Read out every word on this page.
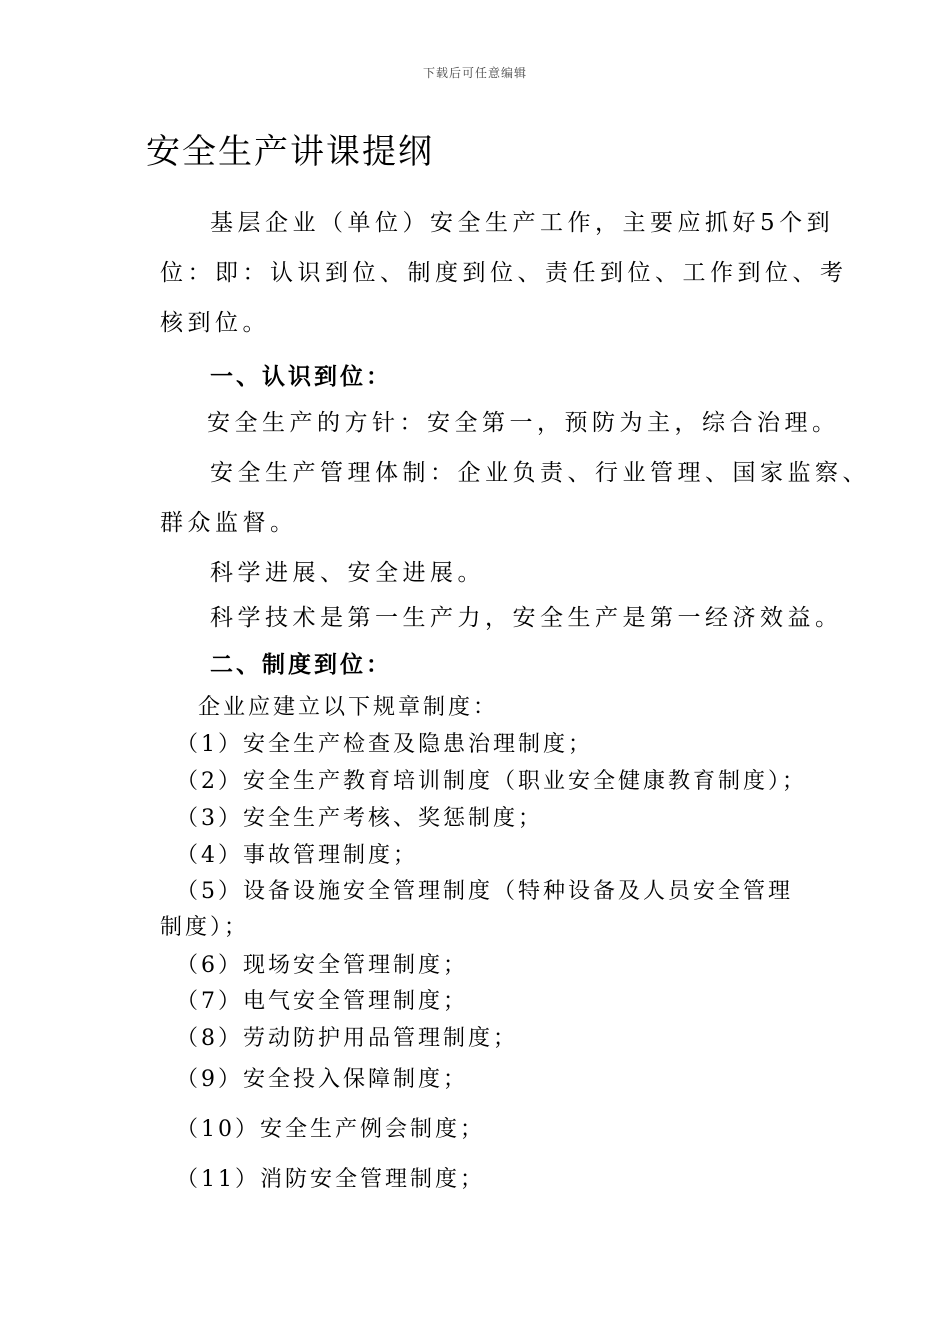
下载后可任意编辑
安全生产讲课提纲
基层企业（单位）安全生产工作，主要应抓好5个到
位：即：认识到位、制度到位、责任到位、工作到位、考
核到位。
一、认识到位：
安全生产的方针：安全第一，预防为主，综合治理。
安全生产管理体制：企业负责、行业管理、国家监察、
群众监督。
科学进展、安全进展。
科学技术是第一生产力，安全生产是第一经济效益。
二、制度到位：
企业应建立以下规章制度：
（1）安全生产检查及隐患治理制度；
（2）安全生产教育培训制度（职业安全健康教育制度）；
（3）安全生产考核、奖惩制度；
（4）事故管理制度；
（5）设备设施安全管理制度（特种设备及人员安全管理
制度）；
（6）现场安全管理制度；
（7）电气安全管理制度；
（8）劳动防护用品管理制度；
（9）安全投入保障制度；
（10）安全生产例会制度；
（11）消防安全管理制度；
